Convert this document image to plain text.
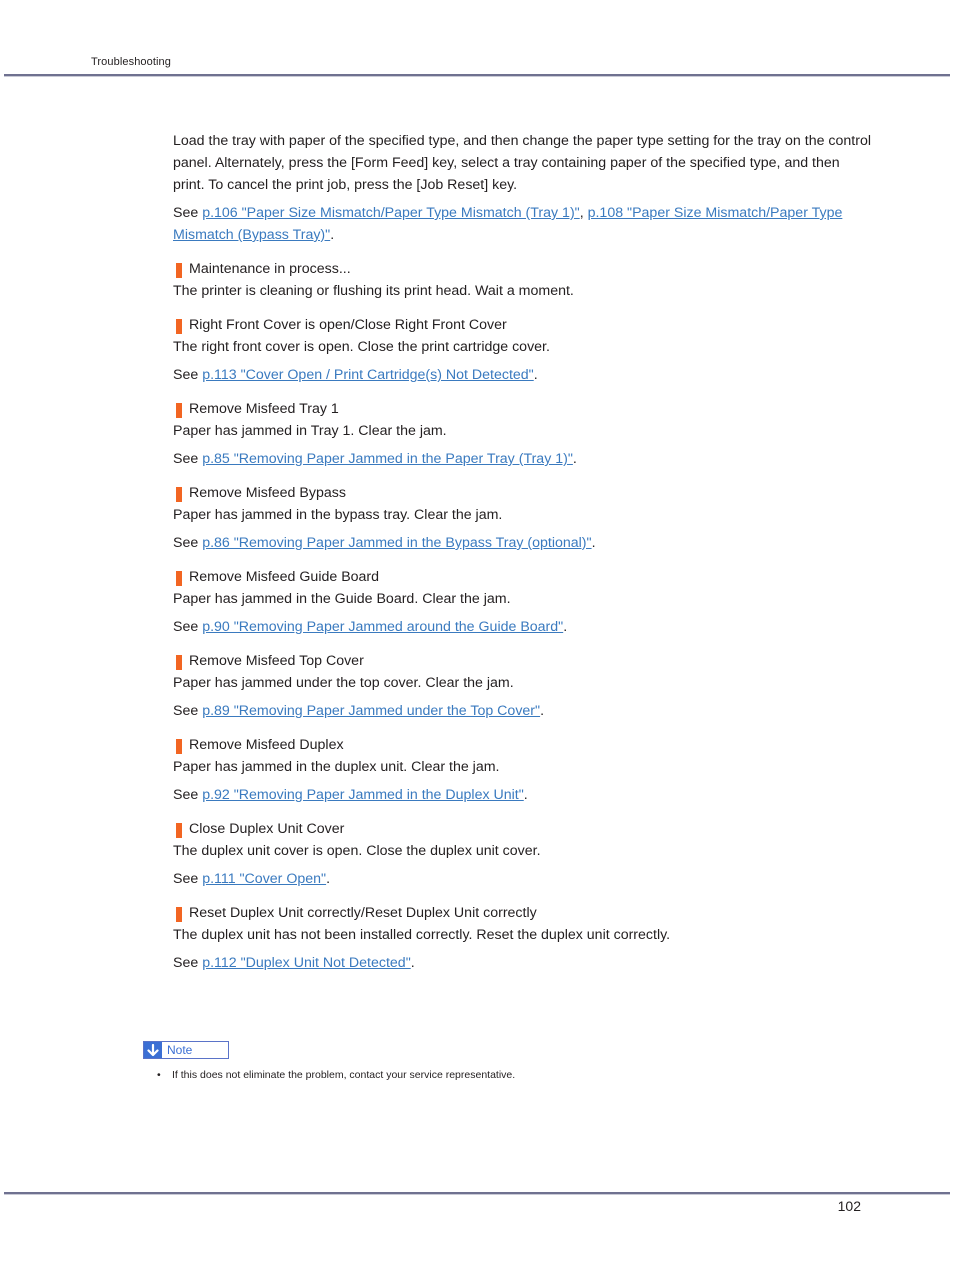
Troubleshooting

Load the tray with paper of the specified type, and then change the paper type setting for the tray on the control panel. Alternately, press the [Form Feed] key, select a tray containing paper of the specified type, and then print. To cancel the print job, press the [Job Reset] key.

See p.106 "Paper Size Mismatch/Paper Type Mismatch (Tray 1)", p.108 "Paper Size Mismatch/Paper Type Mismatch (Bypass Tray)".

Maintenance in process...

The printer is cleaning or flushing its print head. Wait a moment.

Right Front Cover is open/Close Right Front Cover

The right front cover is open. Close the print cartridge cover.

See p.113 "Cover Open / Print Cartridge(s) Not Detected".

Remove Misfeed Tray 1

Paper has jammed in Tray 1. Clear the jam.

See p.85 "Removing Paper Jammed in the Paper Tray (Tray 1)".

Remove Misfeed Bypass

Paper has jammed in the bypass tray. Clear the jam.

See p.86 "Removing Paper Jammed in the Bypass Tray (optional)".

Remove Misfeed Guide Board

Paper has jammed in the Guide Board. Clear the jam.

See p.90 "Removing Paper Jammed around the Guide Board".

Remove Misfeed Top Cover

Paper has jammed under the top cover. Clear the jam.

See p.89 "Removing Paper Jammed under the Top Cover".

Remove Misfeed Duplex

Paper has jammed in the duplex unit. Clear the jam.

See p.92 "Removing Paper Jammed in the Duplex Unit".

Close Duplex Unit Cover

The duplex unit cover is open. Close the duplex unit cover.

See p.111 "Cover Open".

Reset Duplex Unit correctly/Reset Duplex Unit correctly

The duplex unit has not been installed correctly. Reset the duplex unit correctly.

See p.112 "Duplex Unit Not Detected".

Note
• If this does not eliminate the problem, contact your service representative.
102
